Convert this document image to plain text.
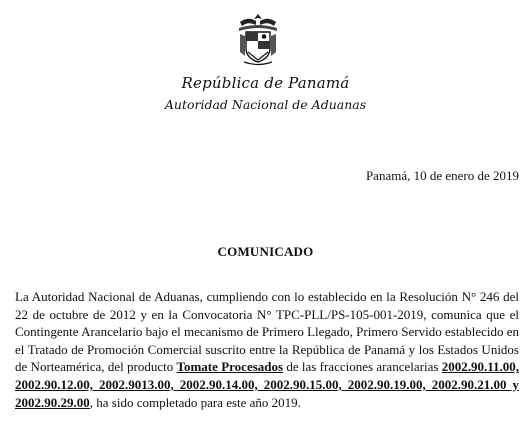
República de Panamá
Autoridad Nacional de Aduanas
Panamá, 10 de enero de 2019
COMUNICADO
La Autoridad Nacional de Aduanas, cumpliendo con lo establecido en la Resolución N° 246 del 22 de octubre de 2012 y en la Convocatoria N° TPC-PLL/PS-105-001-2019, comunica que el Contingente Arancelario bajo el mecanismo de Primero Llegado, Primero Servido establecido en el Tratado de Promoción Comercial suscrito entre la República de Panamá y los Estados Unidos de Norteamérica, del producto Tomate Procesados de las fracciones arancelarias 2002.90.11.00, 2002.90.12.00, 2002.9013.00, 2002.90.14.00, 2002.90.15.00, 2002.90.19.00, 2002.90.21.00 y 2002.90.29.00, ha sido completado para este año 2019.
